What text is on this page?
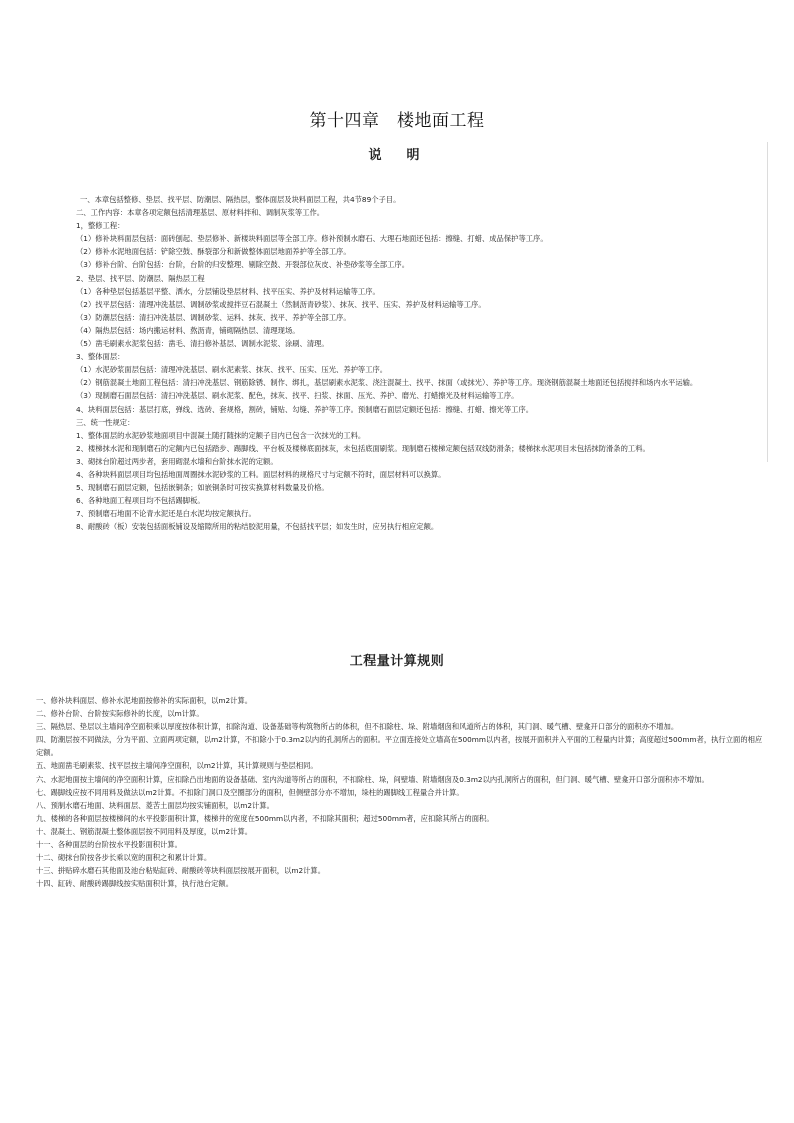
第十四章　楼地面工程
说　明
一、本章包括整修、垫层、找平层、防潮层、隔热层，整体面层及块料面层工程，共4节89个子目。
二、工作内容：本章各项定额包括清理基层、原材料拌和、调制灰浆等工作。
1，整修工程：
（1）修补块料面层包括：面砖刨起、垫层修补、新楼块料面层等全部工序。修补预制水磨石、大理石地面还包括：擦缝、打蜡、成品保护等工序。
（2）修补水泥地面包括：铲除空鼓、酥裂部分和新做整体面层地面养护等全部工序。
（3）修补台阶、台阶包括：台阶，台阶的归安整理、剔除空鼓、开裂部位灰皮、补垫砂浆等全部工序。
2、垫层、找平层、防潮层、隔热层工程
（1）各种垫层包括基层平整、洒水，分层铺设垫层材料、找平压实、养护及材料运输等工序。
（2）找平层包括：清理冲洗基层、调制砂浆或搅拌豆石混凝土（然制沥青砂浆）、抹灰、找平、压实、养护及材料运输等工序。
（3）防潮层包括：清扫冲洗基层、调制砂浆、运料、抹灰、找平、养护等全部工序。
（4）隔热层包括：场内搬运材料、熬沥青，铺砌隔热层、清理现场。
（5）凿毛刷素水泥浆包括：凿毛、清扫修补基层、调制水泥浆、涂刷、清理。
3、整体面层：
（1）水泥砂浆面层包括：清理冲洗基层、刷水泥素浆、抹灰、找平、压实、压光、养护等工序。
（2）钢筋混凝土地面工程包括：清扫冲洗基层、钢筋除锈、制作、绑扎，基层刷素水泥浆、浇注混凝土、找平、抹面（或抹光）、养护等工序。现浇钢筋混凝土地面还包括搅拌和场内水平运输。
（3）现制磨石面层包括：清扫冲洗基层、刷水泥浆、配色，抹灰、找平、扫浆、抹面、压光、养护、磨光、打蜡擦光及材料运输等工序。
4、块料面层包括：基层打底，弹线、选砖、套规格，割砖，铺贴、勾缝、养护等工序。预制磨石面层定额还包括：擦缝、打蜡、擦光等工序。
三、统一性规定：
1、整体面层的水泥砂浆地面项目中混凝土随打随抹的定额子目内已包含一次抹光的工料。
2、楼梯抹水泥和现制磨石的定额内已包括踏步、踢脚线、平台板及楼梯底面抹灰，未包括底面刷浆。现制磨石楼梯定额包括双线防滑条；楼梯抹水泥项目未包括抹防滑条的工料。
3、砌抹台阶超过两步者，套用砌混水墙和台阶抹水泥的定额。
4、各种块料面层项目均包括地面周圈抹水泥砂浆的工料。面层材料的规格尺寸与定额不符时，面层材料可以换算。
5、现制磨石面层定额，包括嵌铜条；如嵌铜条时可按实换算材料数量及价格。
6、各种地面工程项目均不包括踢脚板。
7、预制磨石地面不论青水泥还是白水泥均按定额执行。
8、耐酸砖（板）安装包括面板铺设及缩隙所用的粘结胶泥用量，不包括找平层；如发生时，应另执行相应定额。
工程量计算规则
一、修补块料面层、修补水泥地面按修补的实际面积，以m2计算。
二、修补台阶、台阶按实际修补的长度，以m计算。
三、隔热层、垫层以主墙间净空面积乘以厚度按体积计算，扣除沟道、设备基础等构筑物所占的体积，但不扣除柱、垛、附墙烟囱和风道所占的体积，其门洞、暖气槽、壁龛开口部分的面积亦不增加。
四、防潮层按不同做法，分为平面、立面两项定额，以m2计算，不扣除小于0.3m2以内的孔洞所占的面积。平立面连接处立墙高在500mm以内者，按展开面积并入平面的工程量内计算；高度超过500mm者，执行立面的相应定额。
五、地面凿毛刷素浆、找平层按主墙间净空面积，以m2计算，其计算规则与垫层相同。
六、水泥地面按主墙间的净空面积计算，应扣除凸出地面的设备基础、室内沟道等所占的面积，不扣除柱、垛，间壁墙、附墙烟囱及0.3m2以内孔洞所占的面积，但门洞、暖气槽、壁龛开口部分面积亦不增加。
七、踢脚线应按不同用料及做法以m2计算。不扣除门洞口及空圈部分的面积，但侧壁部分亦不增加，垛柱的踢脚线工程量合并计算。
八、预制水磨石地面、块料面层、菱苦土面层均按实铺面积，以m2计算。
九、楼梯的各种面层按楼梯间的水平投影面积计算，楼梯井的宽度在500mm以内者，不扣除其面积；超过500mm者，应扣除其所占的面积。
十、混凝土、钢筋混凝土整体面层按不同用料及厚度，以m2计算。
十一、各种面层的台阶按水平投影面积计算。
十二、砌抹台阶按各步长乘以宽的面积之和累计计算。
十三、拼贴碎水磨石其他面及池台粘贴缸砖、耐酸砖等块料面层按展开面积，以m2计算。
十四、缸砖、耐酸砖踢脚线按实贴面积计算，执行池台定额。
